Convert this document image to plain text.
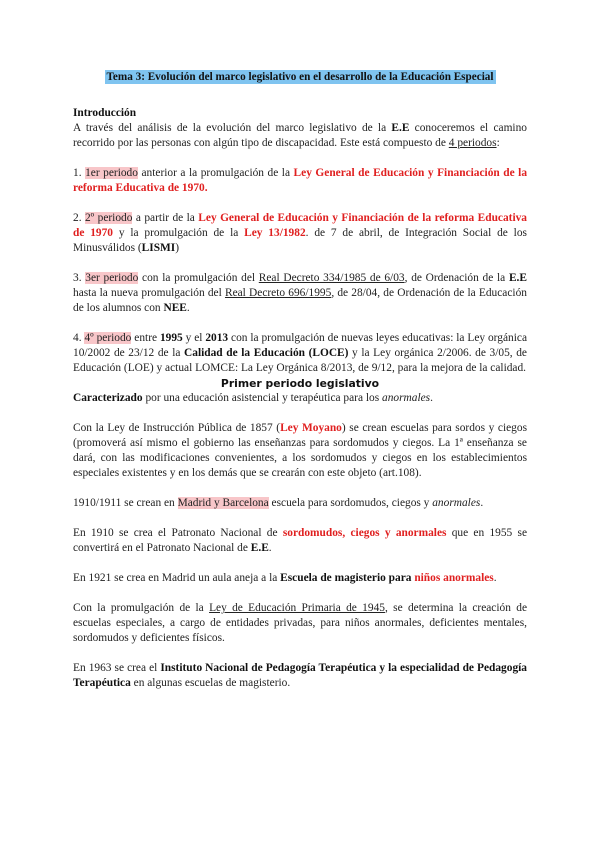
Tema 3: Evolución del marco legislativo en el desarrollo de la Educación Especial

Introducción

A través del análisis de la evolución del marco legislativo de la E.E conoceremos el camino recorrido por las personas con algún tipo de discapacidad. Este está compuesto de 4 periodos:

1. 1er periodo anterior a la promulgación de la Ley General de Educación y Financiación de la reforma Educativa de 1970.

2. 2º periodo a partir de la Ley General de Educación y Financiación de la reforma Educativa de 1970 y la promulgación de la Ley 13/1982. de 7 de abril, de Integración Social de los Minusválidos (LISMI)

3. 3er periodo con la promulgación del Real Decreto 334/1985 de 6/03, de Ordenación de la E.E hasta la nueva promulgación del Real Decreto 696/1995, de 28/04, de Ordenación de la Educación de los alumnos con NEE.

4. 4º periodo entre 1995 y el 2013 con la promulgación de nuevas leyes educativas: la Ley orgánica 10/2002 de 23/12 de la Calidad de la Educación (LOCE) y la Ley orgánica 2/2006. de 3/05, de Educación (LOE) y actual LOMCE: La Ley Orgánica 8/2013, de 9/12, para la mejora de la calidad.

Primer periodo legislativo

Caracterizado por una educación asistencial y terapéutica para los anormales.

Con la Ley de Instrucción Pública de 1857 (Ley Moyano) se crean escuelas para sordos y ciegos (promoverá así mismo el gobierno las enseñanzas para sordomudos y ciegos. La 1ª enseñanza se dará, con las modificaciones convenientes, a los sordomudos y ciegos en los establecimientos especiales existentes y en los demás que se crearán con este objeto (art.108).

1910/1911 se crean en Madrid y Barcelona escuela para sordomudos, ciegos y anormales.

En 1910 se crea el Patronato Nacional de sordomudos, ciegos y anormales que en 1955 se convertirá en el Patronato Nacional de E.E.

En 1921 se crea en Madrid un aula aneja a la Escuela de magisterio para niños anormales.

Con la promulgación de la Ley de Educación Primaria de 1945, se determina la creación de escuelas especiales, a cargo de entidades privadas, para niños anormales, deficientes mentales, sordomudos y deficientes físicos.

En 1963 se crea el Instituto Nacional de Pedagogía Terapéutica y la especialidad de Pedagogía Terapéutica en algunas escuelas de magisterio.
